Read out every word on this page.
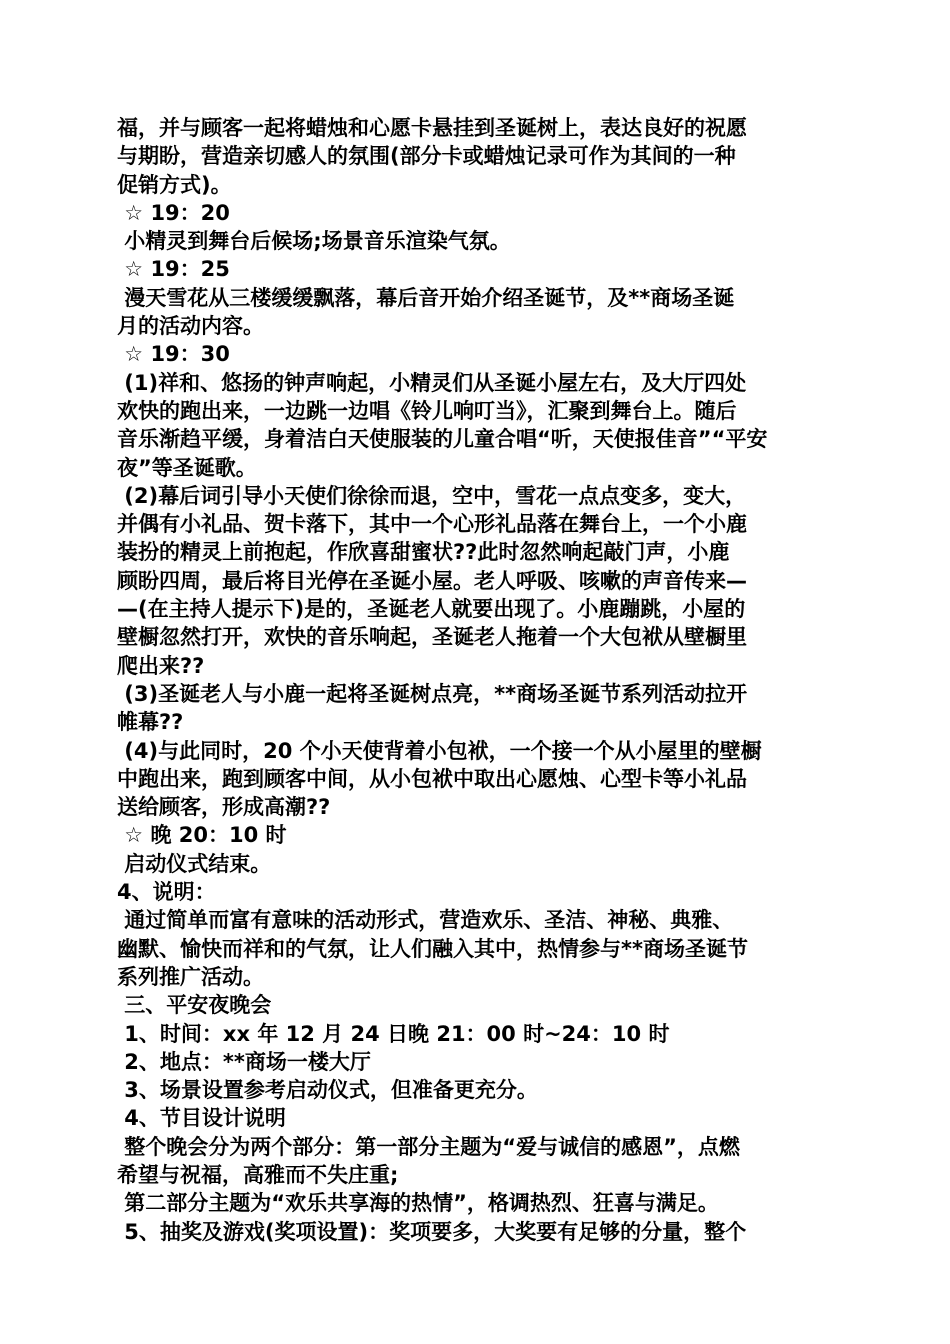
福，并与顾客一起将蜡烛和心愿卡悬挂到圣诞树上，表达良好的祝愿
与期盼，营造亲切感人的氛围(部分卡或蜡烛记录可作为其间的一种
促销方式)。
☆ 19：20
小精灵到舞台后候场;场景音乐渲染气氛。
☆ 19：25
漫天雪花从三楼缓缓飘落，幕后音开始介绍圣诞节，及**商场圣诞
月的活动内容。
☆ 19：30
(1)祥和、悠扬的钟声响起，小精灵们从圣诞小屋左右，及大厅四处
欢快的跑出来，一边跳一边唱《铃儿响叮当》，汇聚到舞台上。随后
音乐渐趋平缓，身着洁白天使服装的儿童合唱“听，天使报佳音”“平安
夜”等圣诞歌。
(2)幕后词引导小天使们徐徐而退，空中，雪花一点点变多，变大，
并偶有小礼品、贺卡落下，其中一个心形礼品落在舞台上，一个小鹿
装扮的精灵上前抱起，作欣喜甜蜜状??此时忽然响起敲门声，小鹿
顾盼四周，最后将目光停在圣诞小屋。老人呼吸、咳嗽的声音传来—
—(在主持人提示下)是的，圣诞老人就要出现了。小鹿蹦跳，小屋的
壁橱忽然打开，欢快的音乐响起，圣诞老人拖着一个大包袱从壁橱里
爬出来??
(3)圣诞老人与小鹿一起将圣诞树点亮，**商场圣诞节系列活动拉开
帷幕??
(4)与此同时，20 个小天使背着小包袱，一个接一个从小屋里的壁橱
中跑出来，跑到顾客中间，从小包袱中取出心愿烛、心型卡等小礼品
送给顾客，形成高潮??
☆ 晚 20：10 时
启动仪式结束。
4、说明：
通过简单而富有意味的活动形式，营造欢乐、圣洁、神秘、典雅、
幽默、愉快而祥和的气氛，让人们融入其中，热情参与**商场圣诞节
系列推广活动。
三、平安夜晚会
1、时间：xx 年 12 月 24 日晚 21：00 时~24：10 时
2、地点：**商场一楼大厅
3、场景设置参考启动仪式，但准备更充分。
4、节目设计说明
整个晚会分为两个部分：第一部分主题为“爱与诚信的感恩”，点燃
希望与祝福，高雅而不失庄重;
第二部分主题为“欢乐共享海的热情”，格调热烈、狂喜与满足。
5、抽奖及游戏(奖项设置)：奖项要多，大奖要有足够的分量，整个
